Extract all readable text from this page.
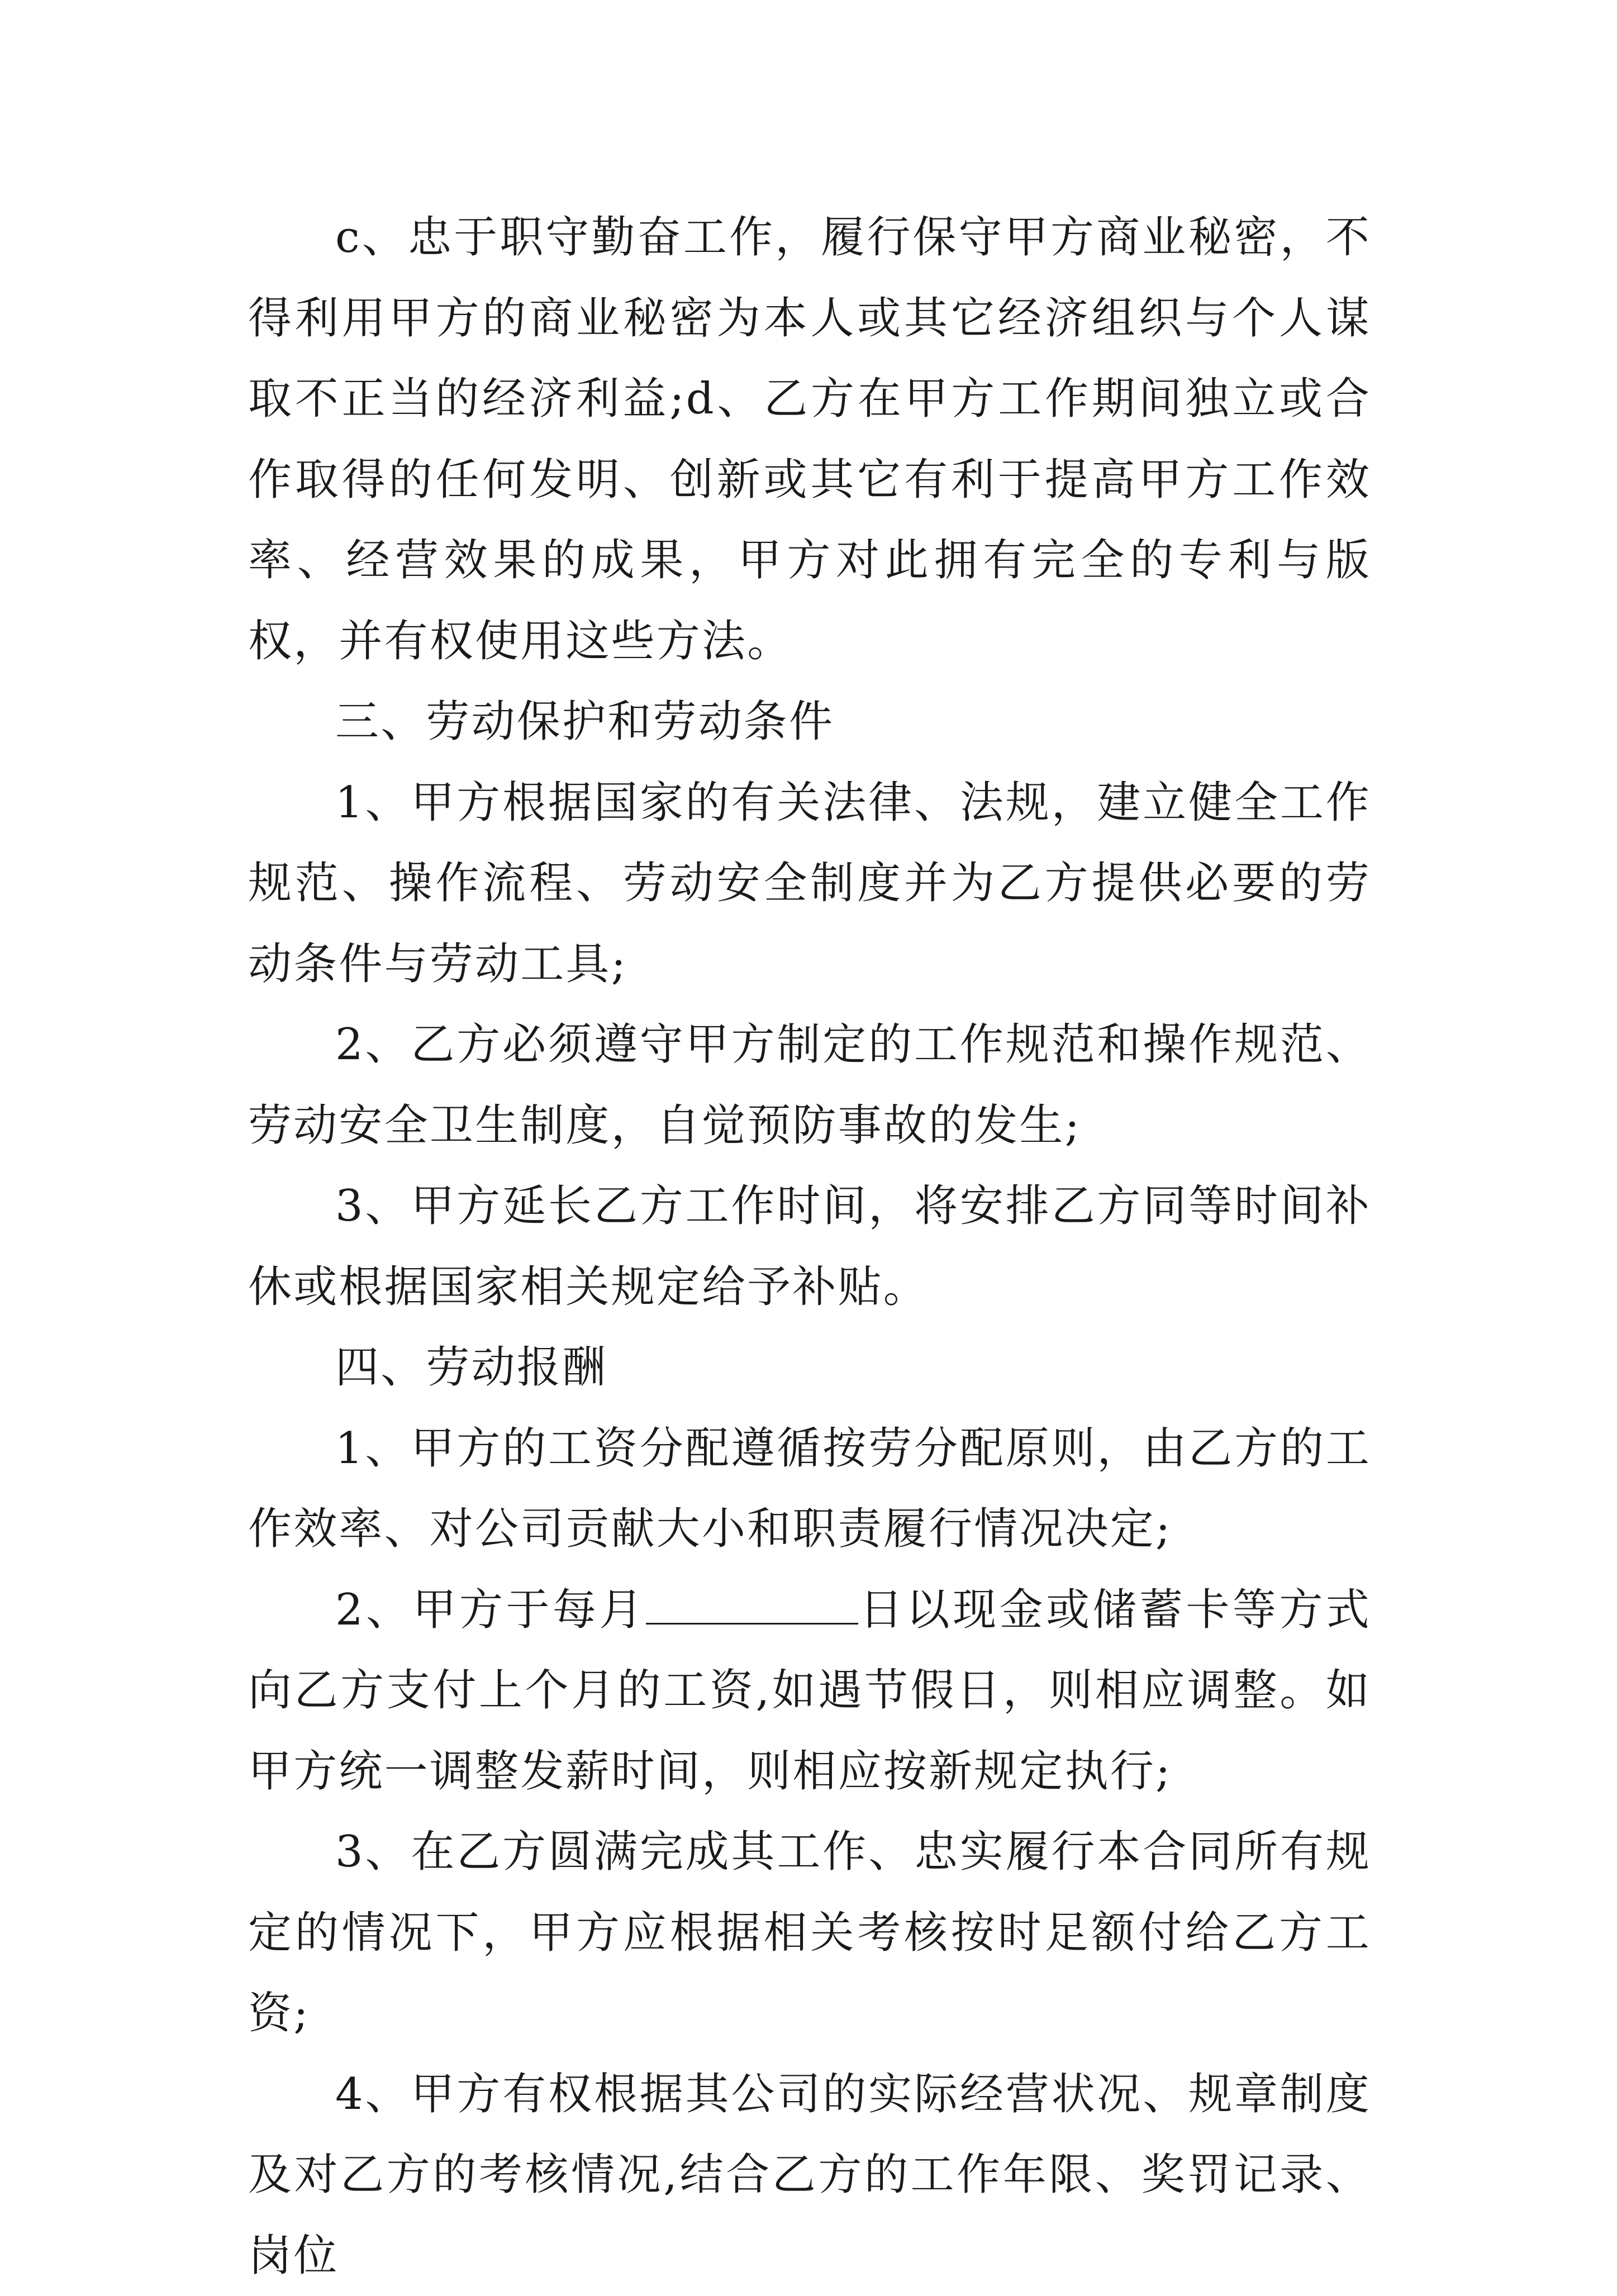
c、忠于职守勤奋工作，履行保守甲方商业秘密，不得利用甲方的商业秘密为本人或其它经济组织与个人谋取不正当的经济利益;d、乙方在甲方工作期间独立或合作取得的任何发明、创新或其它有利于提高甲方工作效率、经营效果的成果，甲方对此拥有完全的专利与版权，并有权使用这些方法。

三、劳动保护和劳动条件

1、甲方根据国家的有关法律、法规，建立健全工作规范、操作流程、劳动安全制度并为乙方提供必要的劳动条件与劳动工具;

2、乙方必须遵守甲方制定的工作规范和操作规范、劳动安全卫生制度，自觉预防事故的发生;

3、甲方延长乙方工作时间，将安排乙方同等时间补休或根据国家相关规定给予补贴。

四、劳动报酬

1、甲方的工资分配遵循按劳分配原则，由乙方的工作效率、对公司贡献大小和职责履行情况决定;

2、甲方于每月	日以现金或储蓄卡等方式向乙方支付上个月的工资,如遇节假日，则相应调整。如甲方统一调整发薪时间，则相应按新规定执行;

3、在乙方圆满完成其工作、忠实履行本合同所有规定的情况下，甲方应根据相关考核按时足额付给乙方工资;

4、甲方有权根据其公司的实际经营状况、规章制度及对乙方的考核情况,结合乙方的工作年限、奖罚记录、岗位
